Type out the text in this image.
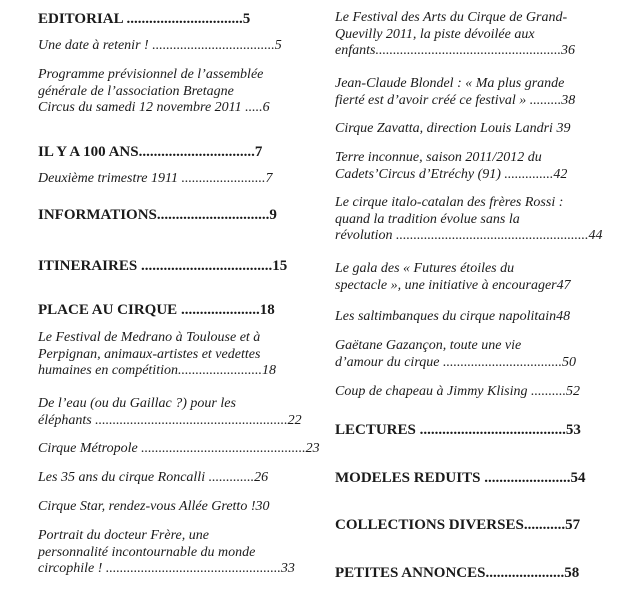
EDITORIAL ...............................5
Une date à retenir ! ...................................5
Programme prévisionnel de l’assemblée
générale de l’association Bretagne
Circus du samedi 12 novembre 2011 .....6
IL Y A 100 ANS...............................7
Deuxième trimestre 1911 ........................7
INFORMATIONS..............................9
ITINERAIRES ...................................15
PLACE AU CIRQUE .....................18
Le Festival de Medrano à Toulouse et à
Perpignan, animaux-artistes et vedettes
humaines en compétition........................18
De l’eau (ou du Gaillac ?) pour les
éléphants .......................................................22
Cirque Métropole ...............................................23
Les 35 ans du cirque Roncalli .............26
Cirque Star, rendez-vous Allée Gretto !30
Portrait du docteur Frère, une
personnalité incontournable du monde
circophile ! ..................................................33
Le Festival des Arts du Cirque de Grand-
Quevilly 2011, la piste dévoilée aux
enfants.....................................................36
Jean-Claude Blondel : « Ma plus grande
fierté est d’avoir créé ce festival » .........38
Cirque Zavatta, direction Louis Landri 39
Terre inconnue, saison 2011/2012 du
Cadets’Circus d’Etréchy (91) ..............42
Le cirque italo-catalan des frères Rossi :
quand la tradition évolue sans la
révolution .......................................................44
Le gala des « Futures étoiles du
spectacle », une initiative à encourager47
Les saltimbanques du cirque napolitain48
Gaëtane Gazançon, toute une vie
d’amour du cirque ..................................50
Coup de chapeau à Jimmy Klising ..........52
LECTURES .......................................53
MODELES REDUITS .......................54
COLLECTIONS DIVERSES...........57
PETITES ANNONCES.....................58
